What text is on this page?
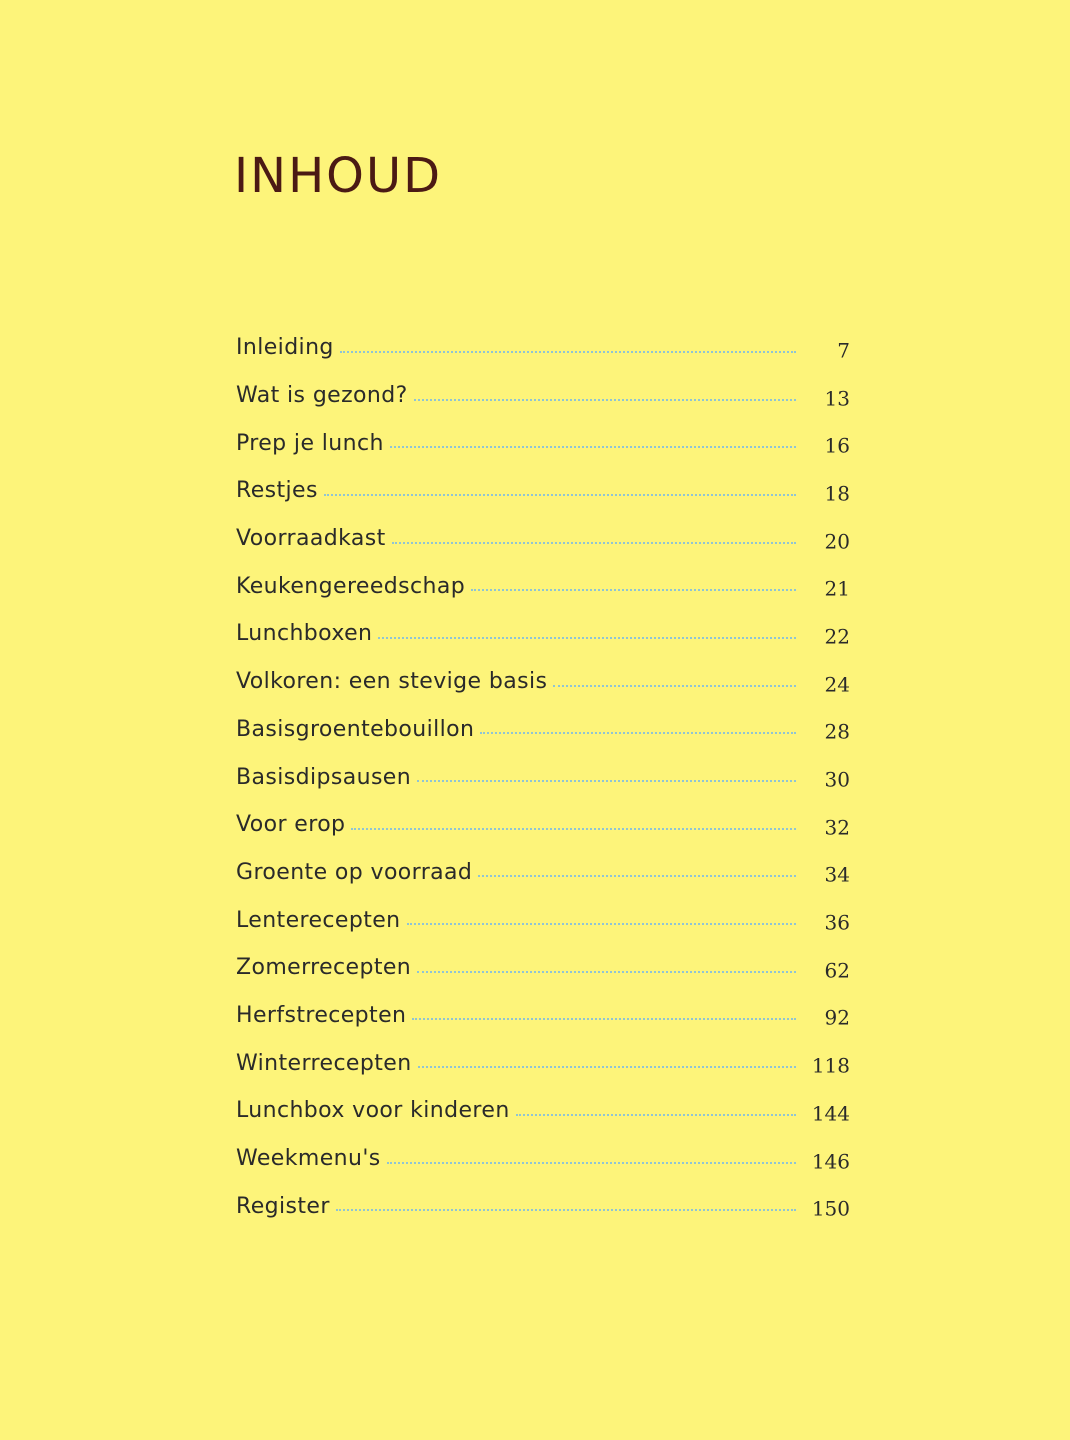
INHOUD
Inleiding	7
Wat is gezond?	13
Prep je lunch	16
Restjes	18
Voorraadkast	20
Keukengereedschap	21
Lunchboxen	22
Volkoren: een stevige basis	24
Basisgroentebouillon	28
Basisdipsausen	30
Voor erop	32
Groente op voorraad	34
Lenterecepten	36
Zomerrecepten	62
Herfstrecepten	92
Winterrecepten	118
Lunchbox voor kinderen	144
Weekmenu's	146
Register	150
